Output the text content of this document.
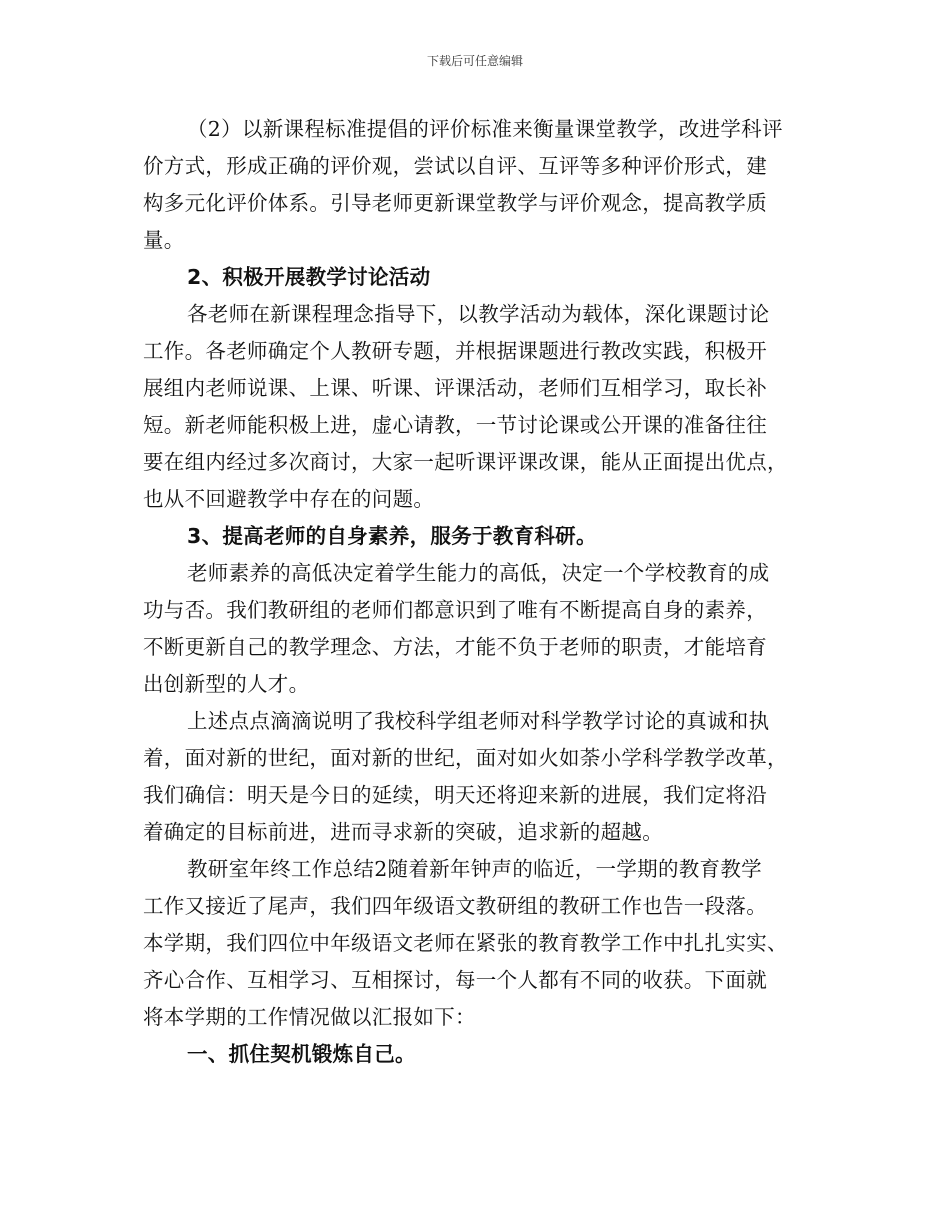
下载后可任意编辑
（2）以新课程标准提倡的评价标准来衡量课堂教学，改进学科评
价方式，形成正确的评价观，尝试以自评、互评等多种评价形式，建
构多元化评价体系。引导老师更新课堂教学与评价观念，提高教学质
量。
2、积极开展教学讨论活动
各老师在新课程理念指导下，以教学活动为载体，深化课题讨论
工作。各老师确定个人教研专题，并根据课题进行教改实践，积极开
展组内老师说课、上课、听课、评课活动，老师们互相学习，取长补
短。新老师能积极上进，虚心请教，一节讨论课或公开课的准备往往
要在组内经过多次商讨，大家一起听课评课改课，能从正面提出优点，
也从不回避教学中存在的问题。
3、提高老师的自身素养，服务于教育科研。
老师素养的高低决定着学生能力的高低，决定一个学校教育的成
功与否。我们教研组的老师们都意识到了唯有不断提高自身的素养，
不断更新自己的教学理念、方法，才能不负于老师的职责，才能培育
出创新型的人才。
上述点点滴滴说明了我校科学组老师对科学教学讨论的真诚和执
着，面对新的世纪，面对新的世纪，面对如火如荼小学科学教学改革，
我们确信：明天是今日的延续，明天还将迎来新的进展，我们定将沿
着确定的目标前进，进而寻求新的突破，追求新的超越。
教研室年终工作总结2随着新年钟声的临近，一学期的教育教学
工作又接近了尾声，我们四年级语文教研组的教研工作也告一段落。
本学期，我们四位中年级语文老师在紧张的教育教学工作中扎扎实实、
齐心合作、互相学习、互相探讨，每一个人都有不同的收获。下面就
将本学期的工作情况做以汇报如下：
一、抓住契机锻炼自己。
